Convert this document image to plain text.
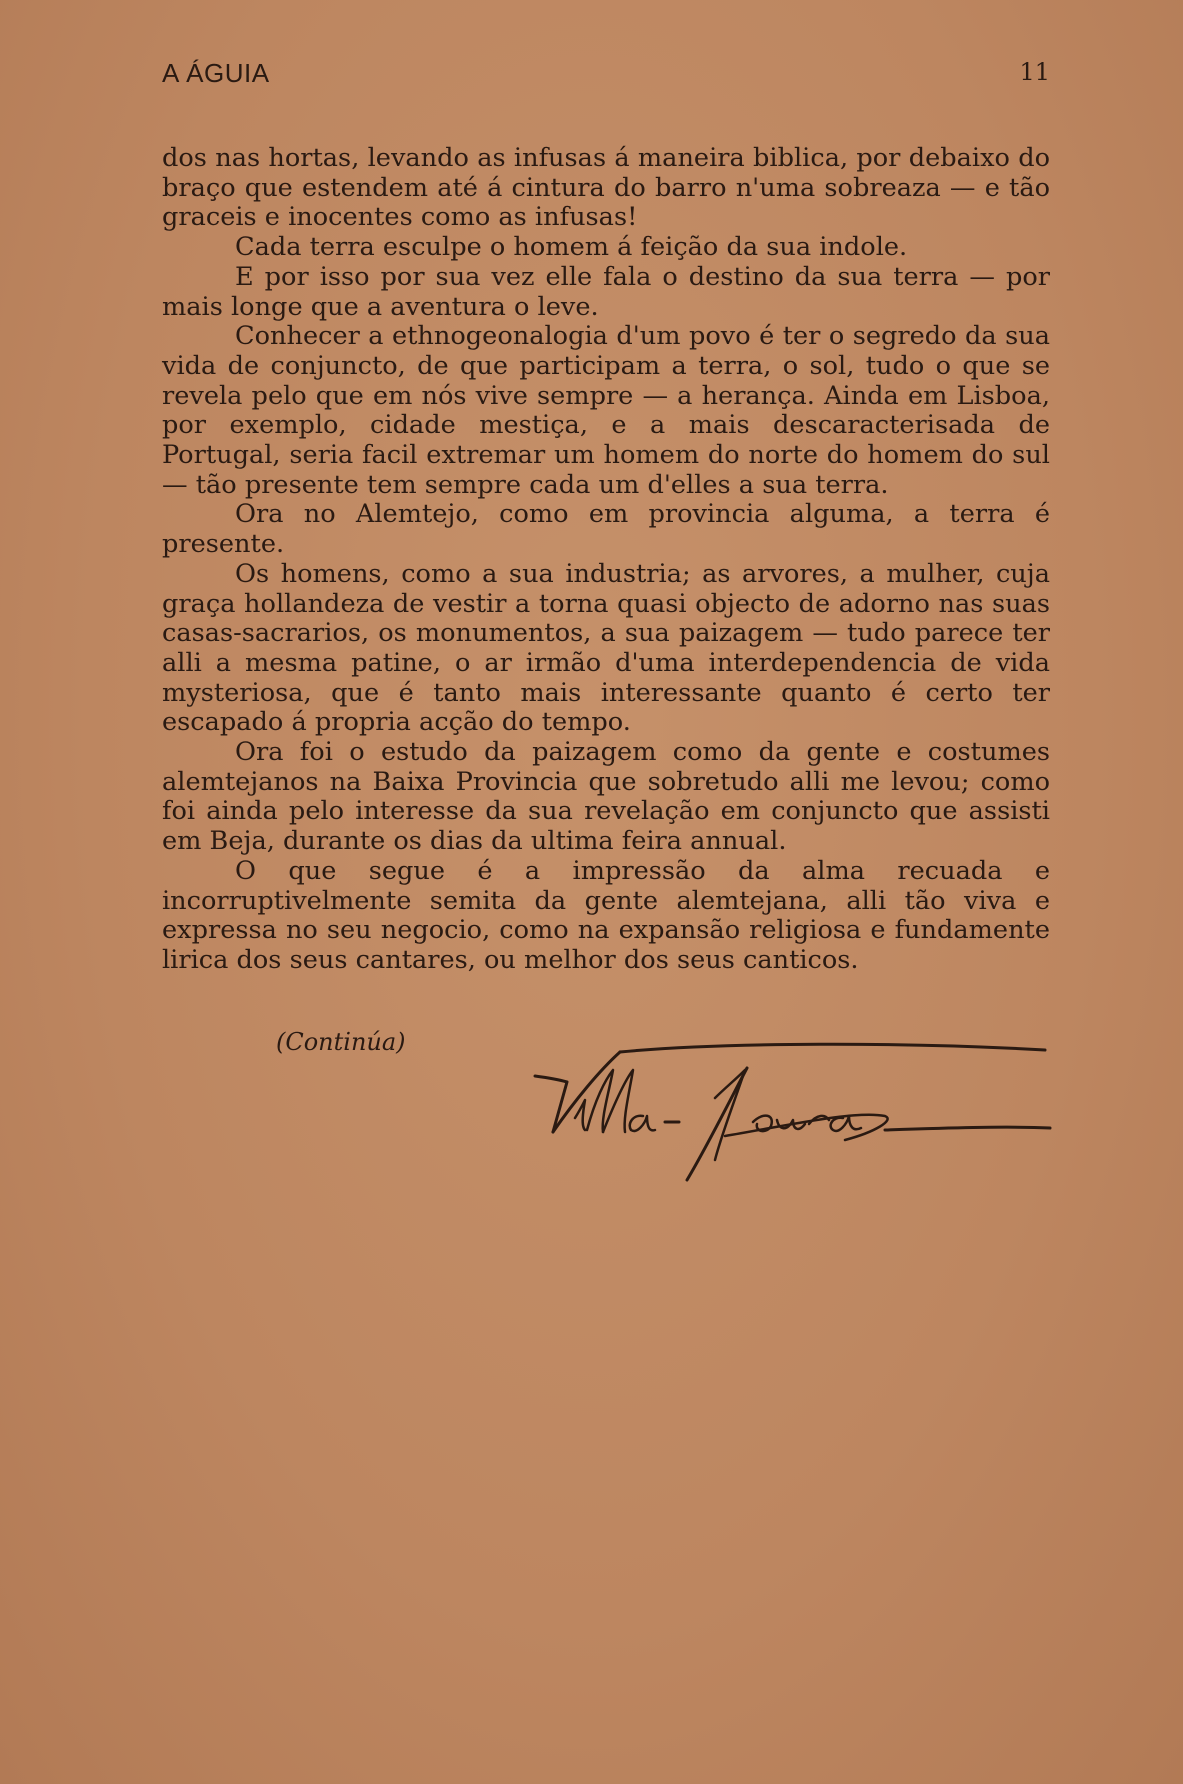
A ÁGUIA	11

dos nas hortas, levando as infusas á maneira biblica, por debaixo do braço que estendem até á cintura do barro n'uma sobreaza — e tão graceis e inocentes como as infusas!

Cada terra esculpe o homem á feição da sua indole.

E por isso por sua vez elle fala o destino da sua terra — por mais longe que a aventura o leve.

Conhecer a ethnogeonalogia d'um povo é ter o segredo da sua vida de conjuncto, de que participam a terra, o sol, tudo o que se revela pelo que em nós vive sempre — a herança. Ainda em Lisboa, por exemplo, cidade mestiça, e a mais descaracterisada de Portugal, seria facil extremar um homem do norte do homem do sul — tão presente tem sempre cada um d'elles a sua terra.

Ora no Alemtejo, como em provincia alguma, a terra é presente.

Os homens, como a sua industria; as arvores, a mulher, cuja graça hollandeza de vestir a torna quasi objecto de adorno nas suas casas-sacrarios, os monumentos, a sua paizagem — tudo parece ter alli a mesma patine, o ar irmão d'uma interdependencia de vida mysteriosa, que é tanto mais interessante quanto é certo ter escapado á propria acção do tempo.

Ora foi o estudo da paizagem como da gente e costumes alemtejanos na Baixa Provincia que sobretudo alli me levou; como foi ainda pelo interesse da sua revelação em conjuncto que assisti em Beja, durante os dias da ultima feira annual.

O que segue é a impressão da alma recuada e incorruptivelmente semita da gente alemtejana, alli tão viva e expressa no seu negocio, como na expansão religiosa e fundamente lirica dos seus cantares, ou melhor dos seus canticos.

(Continúa)
